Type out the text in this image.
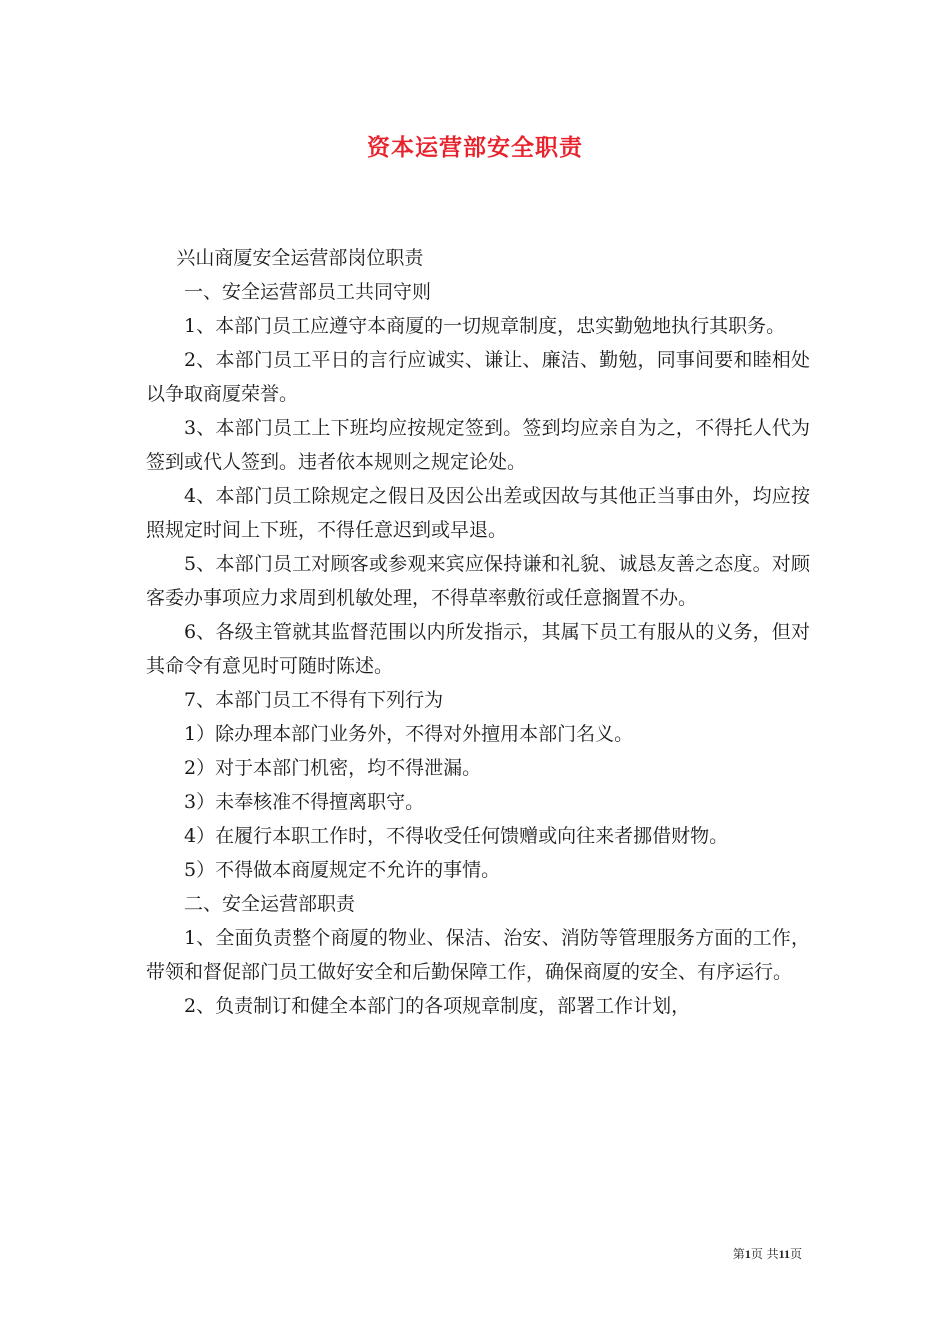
资本运营部安全职责

兴山商厦安全运营部岗位职责

一、安全运营部员工共同守则

1、本部门员工应遵守本商厦的一切规章制度，忠实勤勉地执行其职务。

2、本部门员工平日的言行应诚实、谦让、廉洁、勤勉，同事间要和睦相处以争取商厦荣誉。

3、本部门员工上下班均应按规定签到。签到均应亲自为之，不得托人代为签到或代人签到。违者依本规则之规定论处。

4、本部门员工除规定之假日及因公出差或因故与其他正当事由外，均应按照规定时间上下班，不得任意迟到或早退。

5、本部门员工对顾客或参观来宾应保持谦和礼貌、诚恳友善之态度。对顾客委办事项应力求周到机敏处理，不得草率敷衍或任意搁置不办。

6、各级主管就其监督范围以内所发指示，其属下员工有服从的义务，但对其命令有意见时可随时陈述。

7、本部门员工不得有下列行为

1）除办理本部门业务外，不得对外擅用本部门名义。

2）对于本部门机密，均不得泄漏。

3）未奉核准不得擅离职守。

4）在履行本职工作时，不得收受任何馈赠或向往来者挪借财物。

5）不得做本商厦规定不允许的事情。

二、安全运营部职责

1、全面负责整个商厦的物业、保洁、治安、消防等管理服务方面的工作，带领和督促部门员工做好安全和后勤保障工作，确保商厦的安全、有序运行。

2、负责制订和健全本部门的各项规章制度，部署工作计划，

第1页 共11页
